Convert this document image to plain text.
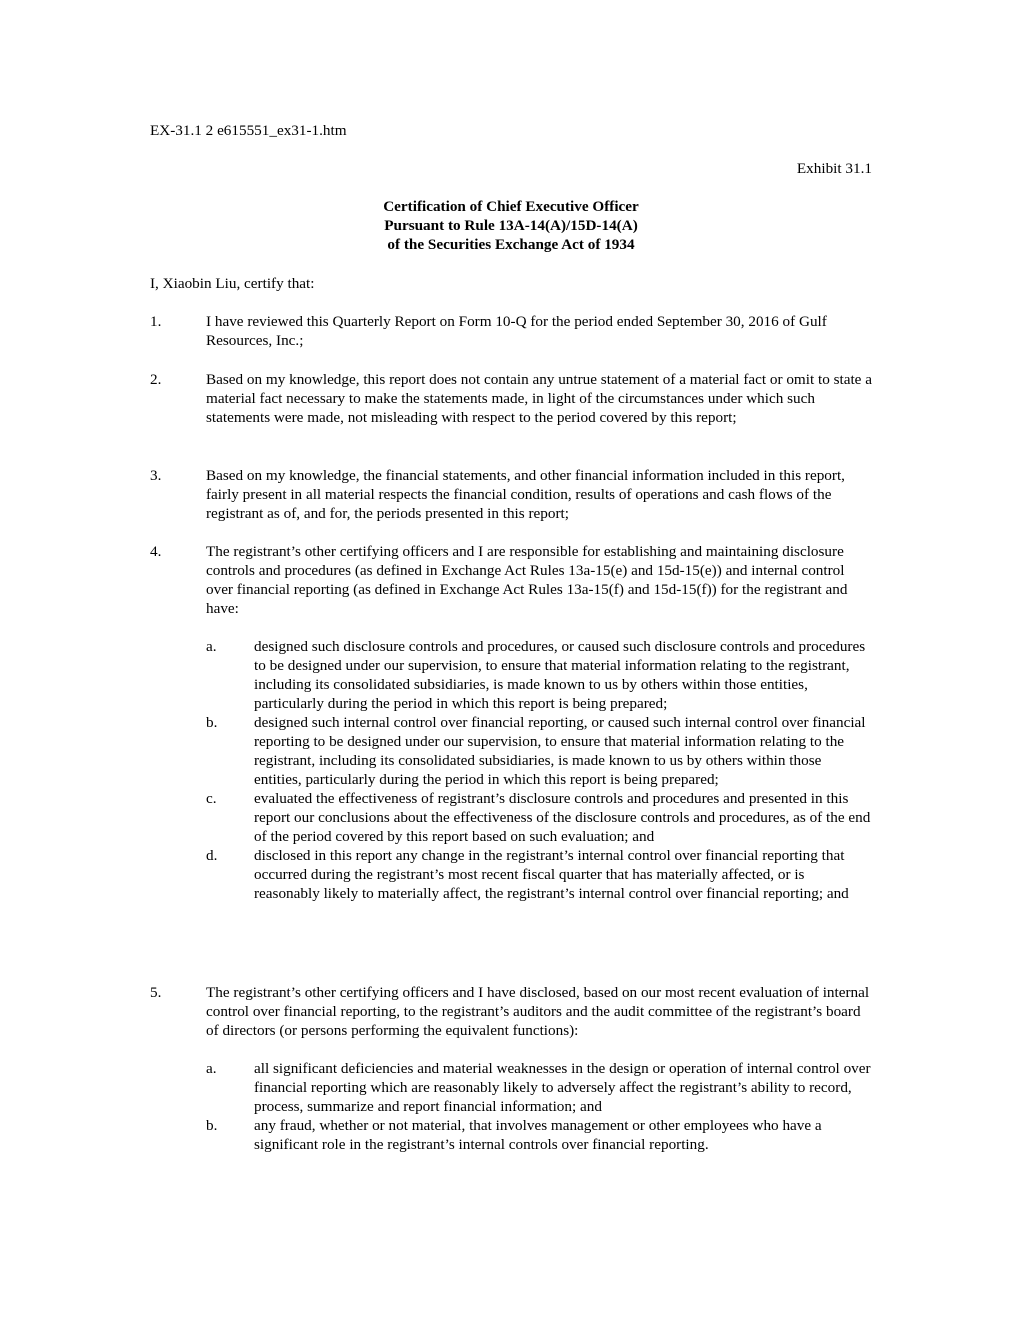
EX-31.1 2 e615551_ex31-1.htm
Exhibit 31.1
Certification of Chief Executive Officer
Pursuant to Rule 13A-14(A)/15D-14(A)
of the Securities Exchange Act of 1934
I, Xiaobin Liu, certify that:
1.	I have reviewed this Quarterly Report on Form 10-Q for the period ended September 30, 2016 of Gulf Resources, Inc.;
2.	Based on my knowledge, this report does not contain any untrue statement of a material fact or omit to state a material fact necessary to make the statements made, in light of the circumstances under which such statements were made, not misleading with respect to the period covered by this report;
3.	Based on my knowledge, the financial statements, and other financial information included in this report, fairly present in all material respects the financial condition, results of operations and cash flows of the registrant as of, and for, the periods presented in this report;
4.	The registrant’s other certifying officers and I are responsible for establishing and maintaining disclosure controls and procedures (as defined in Exchange Act Rules 13a-15(e) and 15d-15(e)) and internal control over financial reporting (as defined in Exchange Act Rules 13a-15(f) and 15d-15(f)) for the registrant and have:
a. designed such disclosure controls and procedures, or caused such disclosure controls and procedures to be designed under our supervision, to ensure that material information relating to the registrant, including its consolidated subsidiaries, is made known to us by others within those entities, particularly during the period in which this report is being prepared;
b. designed such internal control over financial reporting, or caused such internal control over financial reporting to be designed under our supervision, to ensure that material information relating to the registrant, including its consolidated subsidiaries, is made known to us by others within those entities, particularly during the period in which this report is being prepared;
c. evaluated the effectiveness of registrant’s disclosure controls and procedures and presented in this report our conclusions about the effectiveness of the disclosure controls and procedures, as of the end of the period covered by this report based on such evaluation; and
d. disclosed in this report any change in the registrant’s internal control over financial reporting that occurred during the registrant’s most recent fiscal quarter that has materially affected, or is reasonably likely to materially affect, the registrant’s internal control over financial reporting; and
5.	The registrant’s other certifying officers and I have disclosed, based on our most recent evaluation of internal control over financial reporting, to the registrant’s auditors and the audit committee of the registrant’s board of directors (or persons performing the equivalent functions):
a. all significant deficiencies and material weaknesses in the design or operation of internal control over financial reporting which are reasonably likely to adversely affect the registrant’s ability to record, process, summarize and report financial information; and
b. any fraud, whether or not material, that involves management or other employees who have a significant role in the registrant’s internal controls over financial reporting.
